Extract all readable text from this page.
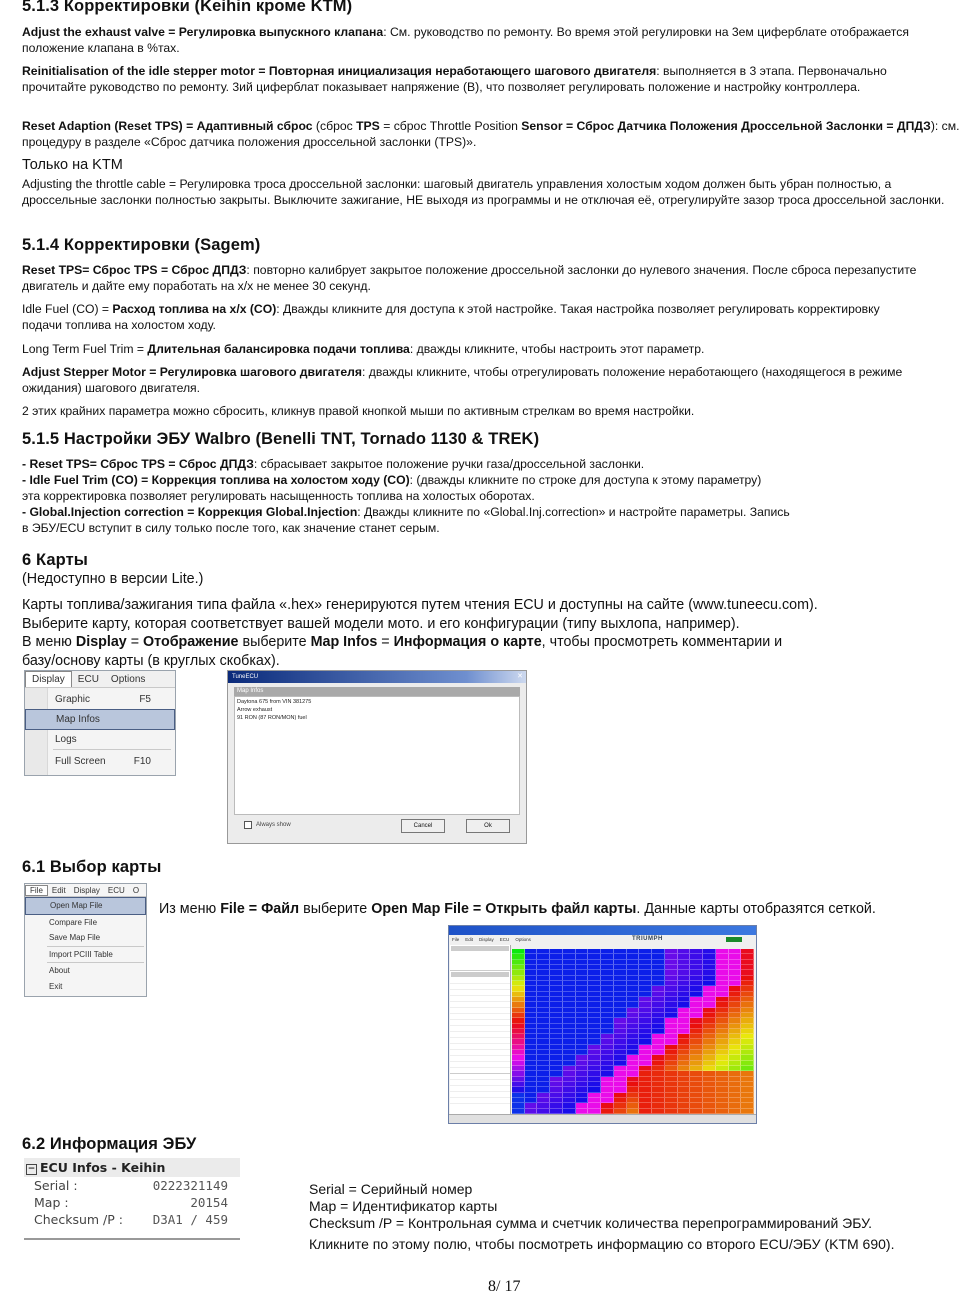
5.1.3 Корректировки (Keihin кроме KTM)

Adjust the exhaust valve = Регулировка выпускного клапана: См. руководство по ремонту. Во время этой регулировки на 3ем циферблате отображается положение клапана в %тах.

Reinitialisation of the idle stepper motor = Повторная инициализация неработающего шагового двигателя: выполняется в 3 этапа. Первоначально прочитайте руководство по ремонту. 3ий циферблат показывает напряжение (В), что позволяет регулировать положение и настройку контроллера.

Reset Adaption (Reset TPS) = Адаптивный сброс (сброс TPS = сброс Throttle Position Sensor = Сброс Датчика Положения Дроссельной Заслонки = ДПДЗ): см. процедуру в разделе «Сброс датчика положения дроссельной заслонки (TPS)».

Только на KTM

Adjusting the throttle cable = Регулировка троса дроссельной заслонки: шаговый двигатель управления холостым ходом должен быть убран полностью, а дроссельные заслонки полностью закрыты. Выключите зажигание, НЕ выходя из программы и не отключая её, отрегулируйте зазор троса дроссельной заслонки.

5.1.4 Корректировки (Sagem)

Reset TPS= Сброс TPS = Сброс ДПДЗ: повторно калибрует закрытое положение дроссельной заслонки до нулевого значения. После сброса перезапустите двигатель и дайте ему поработать на х/х не менее 30 секунд.

Idle Fuel (CO) = Расход топлива на х/х (CO): Дважды кликните для доступа к этой настройке. Такая настройка позволяет регулировать корректировку подачи топлива на холостом ходу.

Long Term Fuel Trim = Длительная балансировка подачи топлива: дважды кликните, чтобы настроить этот параметр.

Adjust Stepper Motor = Регулировка шагового двигателя: дважды кликните, чтобы отрегулировать положение неработающего (находящегося в режиме ожидания) шагового двигателя.

2 этих крайних параметра можно сбросить, кликнув правой кнопкой мыши по активным стрелкам во время настройки.

5.1.5 Настройки ЭБУ Walbro (Benelli TNT, Tornado 1130 & TREK)

- Reset TPS= Сброс TPS = Сброс ДПДЗ: сбрасывает закрытое положение ручки газа/дроссельной заслонки.

- Idle Fuel Trim (CO) = Коррекция топлива на холостом ходу (CO): (дважды кликните по строке для доступа к этому параметру)

эта корректировка позволяет регулировать насыщенность топлива на холостых оборотах.

- Global.Injection correction = Коррекция Global.Injection: Дважды кликните по «Global.Inj.correction» и настройте параметры. Запись

в ЭБУ/ECU вступит в силу только после того, как значение станет серым.

6 Карты
(Недоступно в версии Lite.)
Карты топлива/зажигания типа файла «.hex» генерируются путем чтения ECU и доступны на сайте (www.tuneecu.com).
Выберите карту, которая соответствует вашей модели мото. и его конфигурации (типу выхлопа, например).
В меню Display = Отображение выберите Map Infos = Информация о карте, чтобы просмотреть комментарии и
базу/основу карты (в круглых скобках).
Display	ECU	Options
Graphic	F5
Map Infos
Logs
Full Screen	F10
TuneECU	✕
Map Infos
Daytona 675 from VIN 381275
Arrow exhaust
91 RON (87 RON/MON) fuel
Always show	Cancel	Ok
6.1 Выбор карты
File	Edit	Display	ECU	O
Open Map File
Compare File
Save Map File
Import PCIII Table
About
Exit
Из меню File = Файл выберите Open Map File = Открыть файл карты. Данные карты отобразятся сеткой.
File Edit Display ECU Options	TRIUMPH
6.2 Информация ЭБУ
− ECU Infos - Keihin
Serial :	0222321149
Map :	20154
Checksum /P : D3A1 / 459
Serial = Серийный номер
Map = Идентификатор карты
Checksum /P = Контрольная сумма и счетчик количества перепрограммирований ЭБУ.
Кликните по этому полю, чтобы посмотреть информацию со второго ECU/ЭБУ (KTM 690).
8/ 17
